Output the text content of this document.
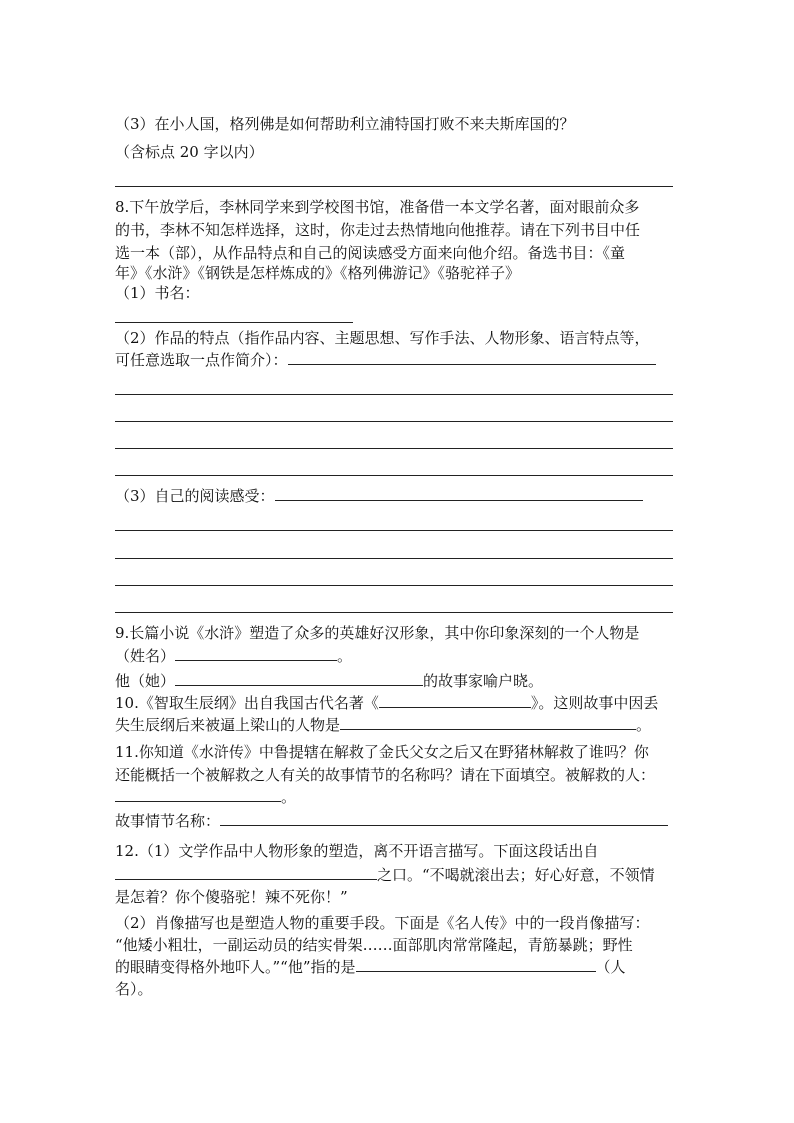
（3）在小人国，格列佛是如何帮助利立浦特国打败不来夫斯库国的？
（含标点 20 字以内）
8.下午放学后，李林同学来到学校图书馆，准备借一本文学名著，面对眼前众多
的书，李林不知怎样选择，这时，你走过去热情地向他推荐。请在下列书目中任
选一本（部），从作品特点和自己的阅读感受方面来向他介绍。备选书目：《童
年》《水浒》《钢铁是怎样炼成的》《格列佛游记》《骆驼祥子》
（1）书名：
（2）作品的特点（指作品内容、主题思想、写作手法、人物形象、语言特点等，
可任意选取一点作简介）：
（3）自己的阅读感受：
9.长篇小说《水浒》塑造了众多的英雄好汉形象，其中你印象深刻的一个人物是
（姓名）	。
他（她）	的故事家喻户晓。
10.《智取生辰纲》出自我国古代名著《	》。这则故事中因丢
失生辰纲后来被逼上梁山的人物是	。
11.你知道《水浒传》中鲁提辖在解救了金氏父女之后又在野猪林解救了谁吗？你
还能概括一个被解救之人有关的故事情节的名称吗？请在下面填空。被解救的人：
。
故事情节名称：
12.（1）文学作品中人物形象的塑造，离不开语言描写。下面这段话出自
之口。“不喝就滚出去；好心好意，不领情
是怎着？你个傻骆驼！辣不死你！”
（2）肖像描写也是塑造人物的重要手段。下面是《名人传》中的一段肖像描写：
“他矮小粗壮，一副运动员的结实骨架……面部肌肉常常隆起，青筋暴跳；野性
的眼睛变得格外地吓人。”“他”指的是	（人
名）。
